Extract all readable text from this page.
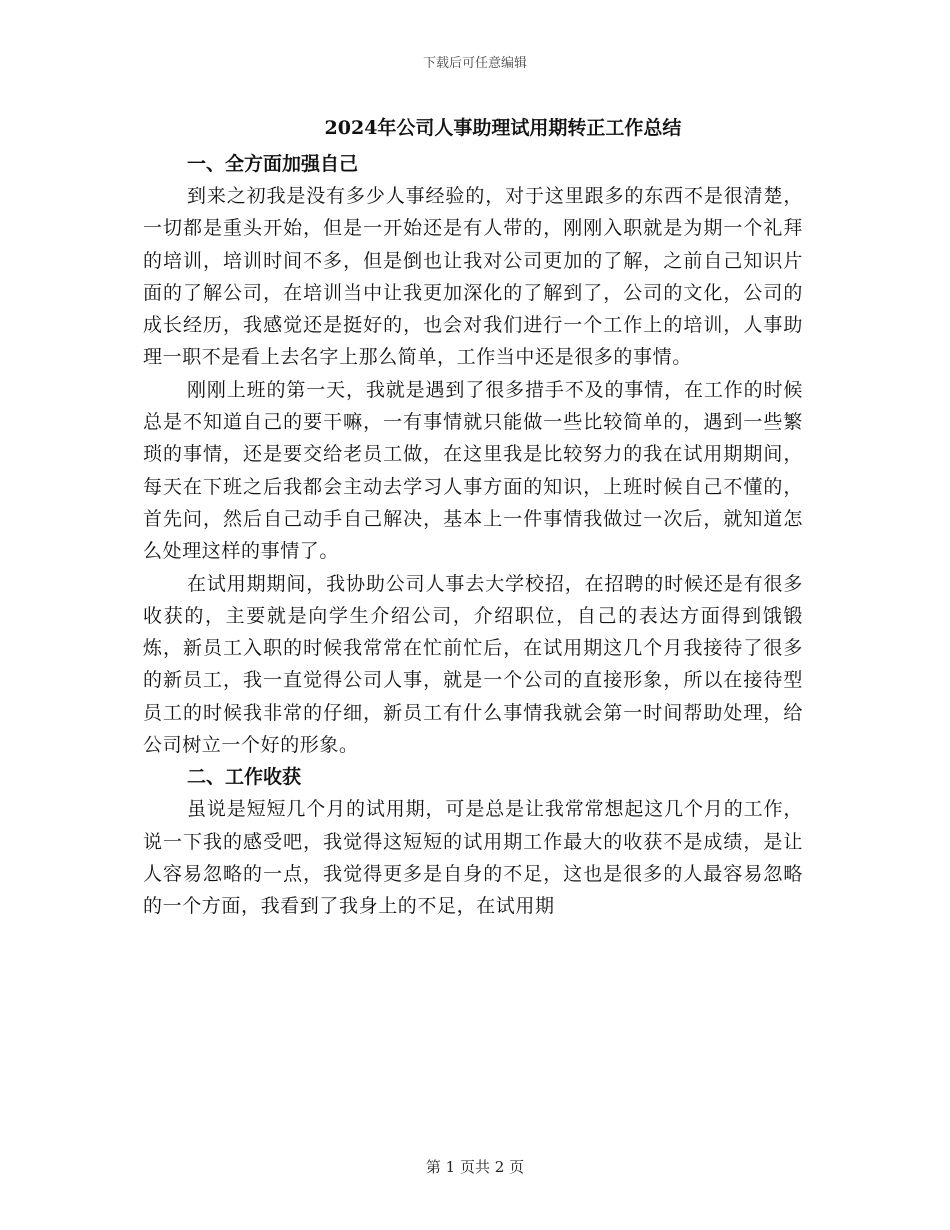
下载后可任意编辑
2024年公司人事助理试用期转正工作总结
一、全方面加强自己

到来之初我是没有多少人事经验的，对于这里跟多的东西不是很清楚，一切都是重头开始，但是一开始还是有人带的，刚刚入职就是为期一个礼拜的培训，培训时间不多，但是倒也让我对公司更加的了解，之前自己知识片面的了解公司，在培训当中让我更加深化的了解到了，公司的文化，公司的成长经历，我感觉还是挺好的，也会对我们进行一个工作上的培训，人事助理一职不是看上去名字上那么简单，工作当中还是很多的事情。

刚刚上班的第一天，我就是遇到了很多措手不及的事情，在工作的时候总是不知道自己的要干嘛，一有事情就只能做一些比较简单的，遇到一些繁琐的事情，还是要交给老员工做，在这里我是比较努力的我在试用期期间，每天在下班之后我都会主动去学习人事方面的知识，上班时候自己不懂的，首先问，然后自己动手自己解决，基本上一件事情我做过一次后，就知道怎么处理这样的事情了。

在试用期期间，我协助公司人事去大学校招，在招聘的时候还是有很多收获的，主要就是向学生介绍公司，介绍职位，自己的表达方面得到饿锻炼，新员工入职的时候我常常在忙前忙后，在试用期这几个月我接待了很多的新员工，我一直觉得公司人事，就是一个公司的直接形象，所以在接待型员工的时候我非常的仔细，新员工有什么事情我就会第一时间帮助处理，给公司树立一个好的形象。

二、工作收获

虽说是短短几个月的试用期，可是总是让我常常想起这几个月的工作，说一下我的感受吧，我觉得这短短的试用期工作最大的收获不是成绩，是让人容易忽略的一点，我觉得更多是自身的不足，这也是很多的人最容易忽略的一个方面，我看到了我身上的不足，在试用期

第 1 页共 2 页
